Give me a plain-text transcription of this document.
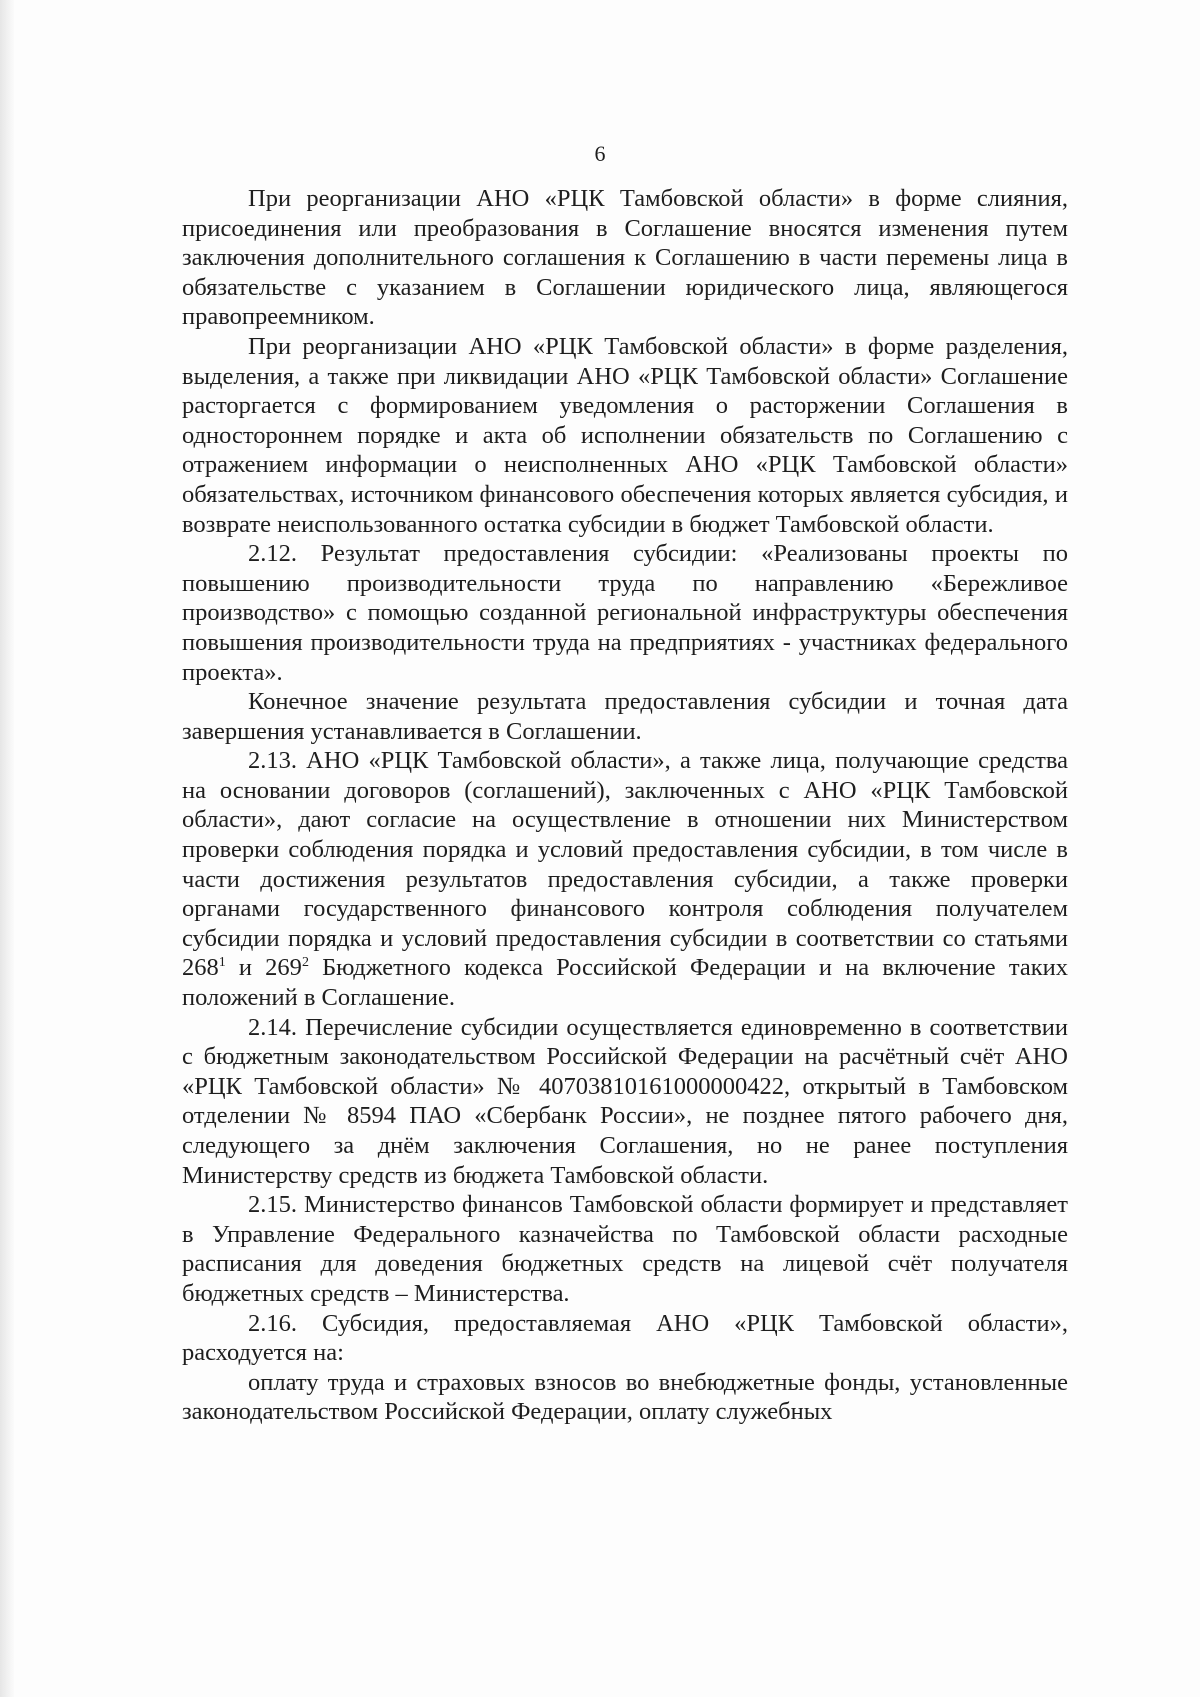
6

При реорганизации АНО «РЦК Тамбовской области» в форме слияния, присоединения или преобразования в Соглашение вносятся изменения путем заключения дополнительного соглашения к Соглашению в части перемены лица в обязательстве с указанием в Соглашении юридического лица, являющегося правопреемником.

При реорганизации АНО «РЦК Тамбовской области» в форме разделения, выделения, а также при ликвидации АНО «РЦК Тамбовской области» Соглашение расторгается с формированием уведомления о расторжении Соглашения в одностороннем порядке и акта об исполнении обязательств по Соглашению с отражением информации о неисполненных АНО «РЦК Тамбовской области» обязательствах, источником финансового обеспечения которых является субсидия, и возврате неиспользованного остатка субсидии в бюджет Тамбовской области.

2.12. Результат предоставления субсидии: «Реализованы проекты по повышению производительности труда по направлению «Бережливое производство» с помощью созданной региональной инфраструктуры обеспечения повышения производительности труда на предприятиях - участниках федерального проекта».

Конечное значение результата предоставления субсидии и точная дата завершения устанавливается в Соглашении.

2.13. АНО «РЦК Тамбовской области», а также лица, получающие средства на основании договоров (соглашений), заключенных с АНО «РЦК Тамбовской области», дают согласие на осуществление в отношении них Министерством проверки соблюдения порядка и условий предоставления субсидии, в том числе в части достижения результатов предоставления субсидии, а также проверки органами государственного финансового контроля соблюдения получателем субсидии порядка и условий предоставления субсидии в соответствии со статьями $268^1$ и $269^2$ Бюджетного кодекса Российской Федерации и на включение таких положений в Соглашение.

2.14. Перечисление субсидии осуществляется единовременно в соответствии с бюджетным законодательством Российской Федерации на расчётный счёт АНО «РЦК Тамбовской области» № 40703810161000000422, открытый в Тамбовском отделении № 8594 ПАО «Сбербанк России», не позднее пятого рабочего дня, следующего за днём заключения Соглашения, но не ранее поступления Министерству средств из бюджета Тамбовской области.

2.15. Министерство финансов Тамбовской области формирует и представляет в Управление Федерального казначейства по Тамбовской области расходные расписания для доведения бюджетных средств на лицевой счёт получателя бюджетных средств – Министерства.

2.16. Субсидия, предоставляемая АНО «РЦК Тамбовской области», расходуется на:

оплату труда и страховых взносов во внебюджетные фонды, установленные законодательством Российской Федерации, оплату служебных
